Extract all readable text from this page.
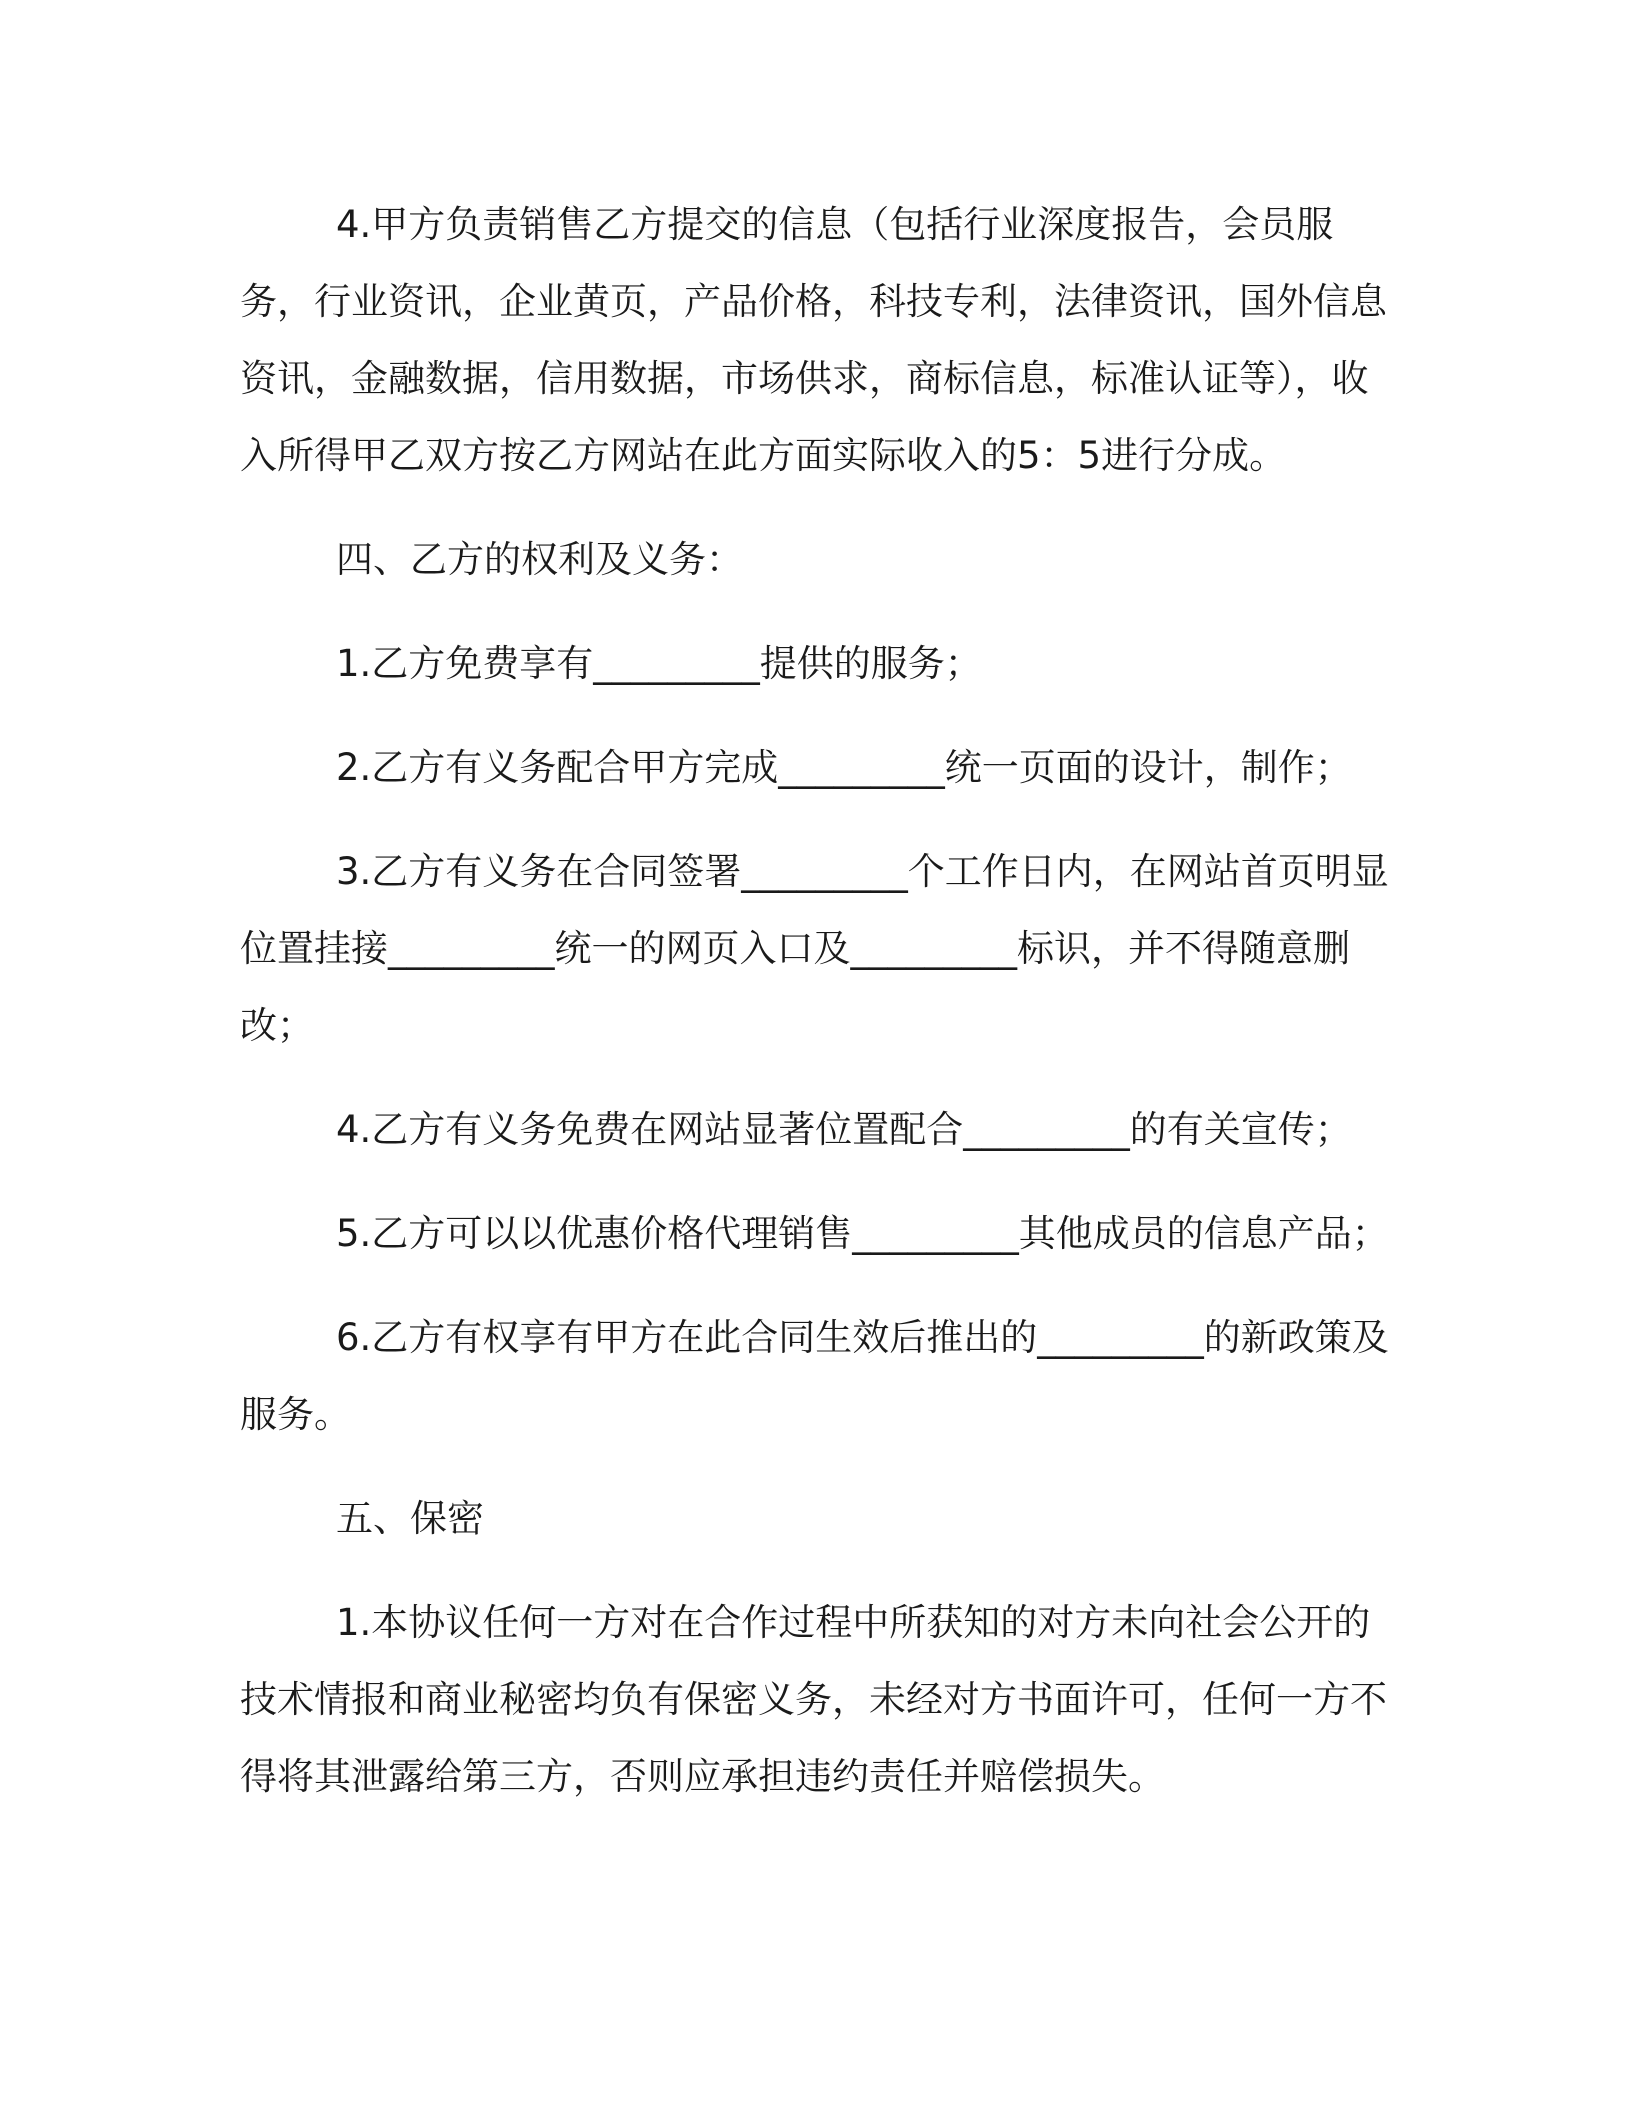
4.甲方负责销售乙方提交的信息（包括行业深度报告，会员服务，行业资讯，企业黄页，产品价格，科技专利，法律资讯，国外信息资讯，金融数据，信用数据，市场供求，商标信息，标准认证等），收入所得甲乙双方按乙方网站在此方面实际收入的5：5进行分成。

四、乙方的权利及义务：

1.乙方免费享有_________提供的服务；

2.乙方有义务配合甲方完成_________统一页面的设计，制作；

3.乙方有义务在合同签署_________个工作日内，在网站首页明显位置挂接_________统一的网页入口及_________标识，并不得随意删改；

4.乙方有义务免费在网站显著位置配合_________的有关宣传；

5.乙方可以以优惠价格代理销售_________其他成员的信息产品；

6.乙方有权享有甲方在此合同生效后推出的_________的新政策及服务。

五、保密

1.本协议任何一方对在合作过程中所获知的对方未向社会公开的技术情报和商业秘密均负有保密义务，未经对方书面许可，任何一方不得将其泄露给第三方，否则应承担违约责任并赔偿损失。
